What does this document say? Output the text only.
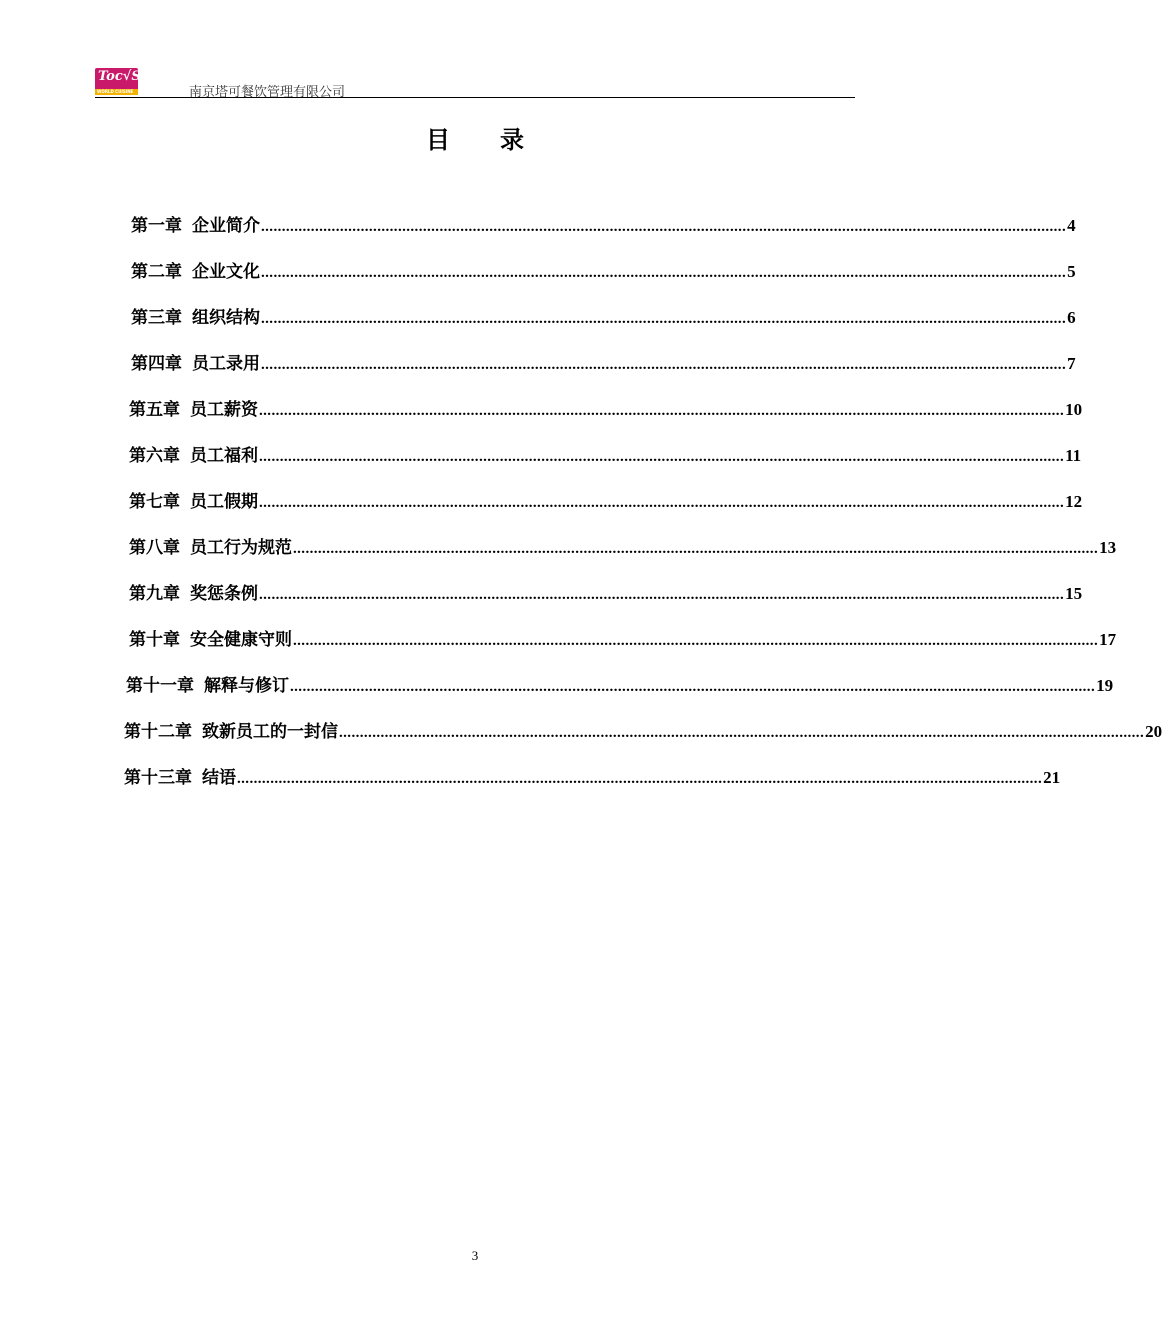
Toc√S
WORLD CUISINE	南京塔可餐饮管理有限公司
目录
第一章 企业简介 .................................................................................................................................................................................................. 4
第二章 企业文化 .................................................................................................................................................................................................. 5
第三章 组织结构 .................................................................................................................................................................................................. 6
第四章 员工录用 .................................................................................................................................................................................................. 7
第五章 员工薪资 .................................................................................................................................................................................................. 10
第六章 员工福利 .................................................................................................................................................................................................. 11
第七章 员工假期 .................................................................................................................................................................................................. 12
第八章 员工行为规范 .................................................................................................................................................................................................. 13
第九章 奖惩条例 .................................................................................................................................................................................................. 15
第十章 安全健康守则 .................................................................................................................................................................................................. 17
第十一章 解释与修订 .................................................................................................................................................................................................. 19
第十二章 致新员工的一封信 .................................................................................................................................................................................................. 20
第十三章 结语 .................................................................................................................................................................................................. 21
3
